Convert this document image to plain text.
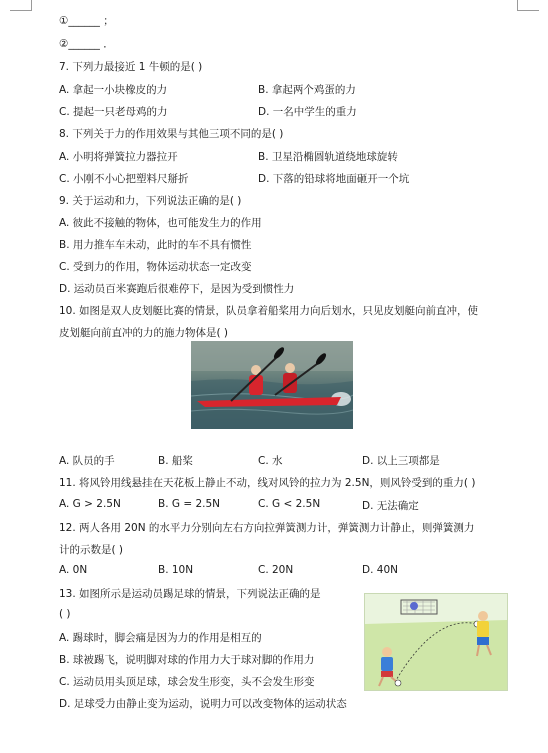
①______ ；
②______ ．
7. 下列力最接近 1 牛顿的是( )
A. 拿起一小块橡皮的力	B. 拿起两个鸡蛋的力
C. 提起一只老母鸡的力	D. 一名中学生的重力
8. 下列关于力的作用效果与其他三项不同的是( )
A. 小明将弹簧拉力器拉开	B. 卫星沿椭圆轨道绕地球旋转
C. 小刚不小心把塑料尺掰折	D. 下落的铅球将地面砸开一个坑
9. 关于运动和力，下列说法正确的是( )
A. 彼此不接触的物体，也可能发生力的作用
B. 用力推车车未动，此时的车不具有惯性
C. 受到力的作用，物体运动状态一定改变
D. 运动员百米赛跑后很难停下，是因为受到惯性力
10. 如图是双人皮划艇比赛的情景，队员拿着船桨用力向后划水，只见皮划艇向前直冲，使
皮划艇向前直冲的力的施力物体是( )
A. 队员的手	B. 船桨	C. 水	D. 以上三项都是
11. 将风铃用线悬挂在天花板上静止不动，线对风铃的拉力为 2.5N，则风铃受到的重力( )
A. G > 2.5N	B. G = 2.5N	C. G < 2.5N	D. 无法确定
12. 两人各用 20N 的水平力分别向左右方向拉弹簧测力计，弹簧测力计静止，则弹簧测力
计的示数是( )
A. 0N	B. 10N	C. 20N	D. 40N
13. 如图所示是运动员踢足球的情景，下列说法正确的是
( )
A. 踢球时，脚会痛是因为力的作用是相互的
B. 球被踢飞，说明脚对球的作用力大于球对脚的作用力
C. 运动员用头顶足球，球会发生形变，头不会发生形变
D. 足球受力由静止变为运动，说明力可以改变物体的运动状态
